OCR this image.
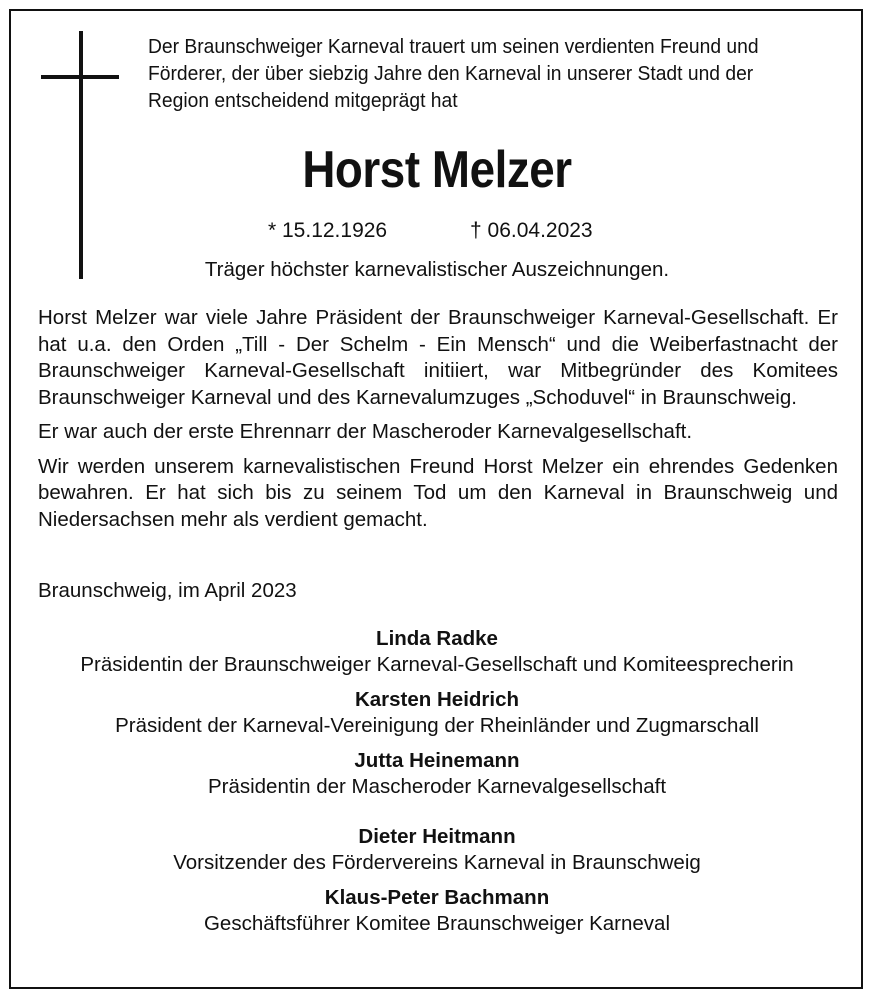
Der Braunschweiger Karneval trauert um seinen verdienten Freund und Förderer, der über siebzig Jahre den Karneval in unserer Stadt und der Region entscheidend mitgeprägt hat
Horst Melzer
* 15.12.1926	† 06.04.2023
Träger höchster karnevalistischer Auszeichnungen.

Horst Melzer war viele Jahre Präsident der Braunschweiger Karneval-Gesellschaft. Er hat u.a. den Orden „Till - Der Schelm - Ein Mensch“ und die Weiberfastnacht der Braunschweiger Karneval-Gesellschaft initiiert, war Mitbegründer des Komitees Braunschweiger Karneval und des Karnevalumzuges „Schoduvel“ in Braunschweig.

Er war auch der erste Ehrennarr der Mascheroder Karnevalgesellschaft.

Wir werden unserem karnevalistischen Freund Horst Melzer ein ehrendes Gedenken bewahren. Er hat sich bis zu seinem Tod um den Karneval in Braunschweig und Niedersachsen mehr als verdient gemacht.

Braunschweig, im April 2023
Linda Radke
Präsidentin der Braunschweiger Karneval-Gesellschaft und Komiteesprecherin
Karsten Heidrich
Präsident der Karneval-Vereinigung der Rheinländer und Zugmarschall
Jutta Heinemann
Präsidentin der Mascheroder Karnevalgesellschaft
Dieter Heitmann
Vorsitzender des Fördervereins Karneval in Braunschweig
Klaus-Peter Bachmann
Geschäftsführer Komitee Braunschweiger Karneval
